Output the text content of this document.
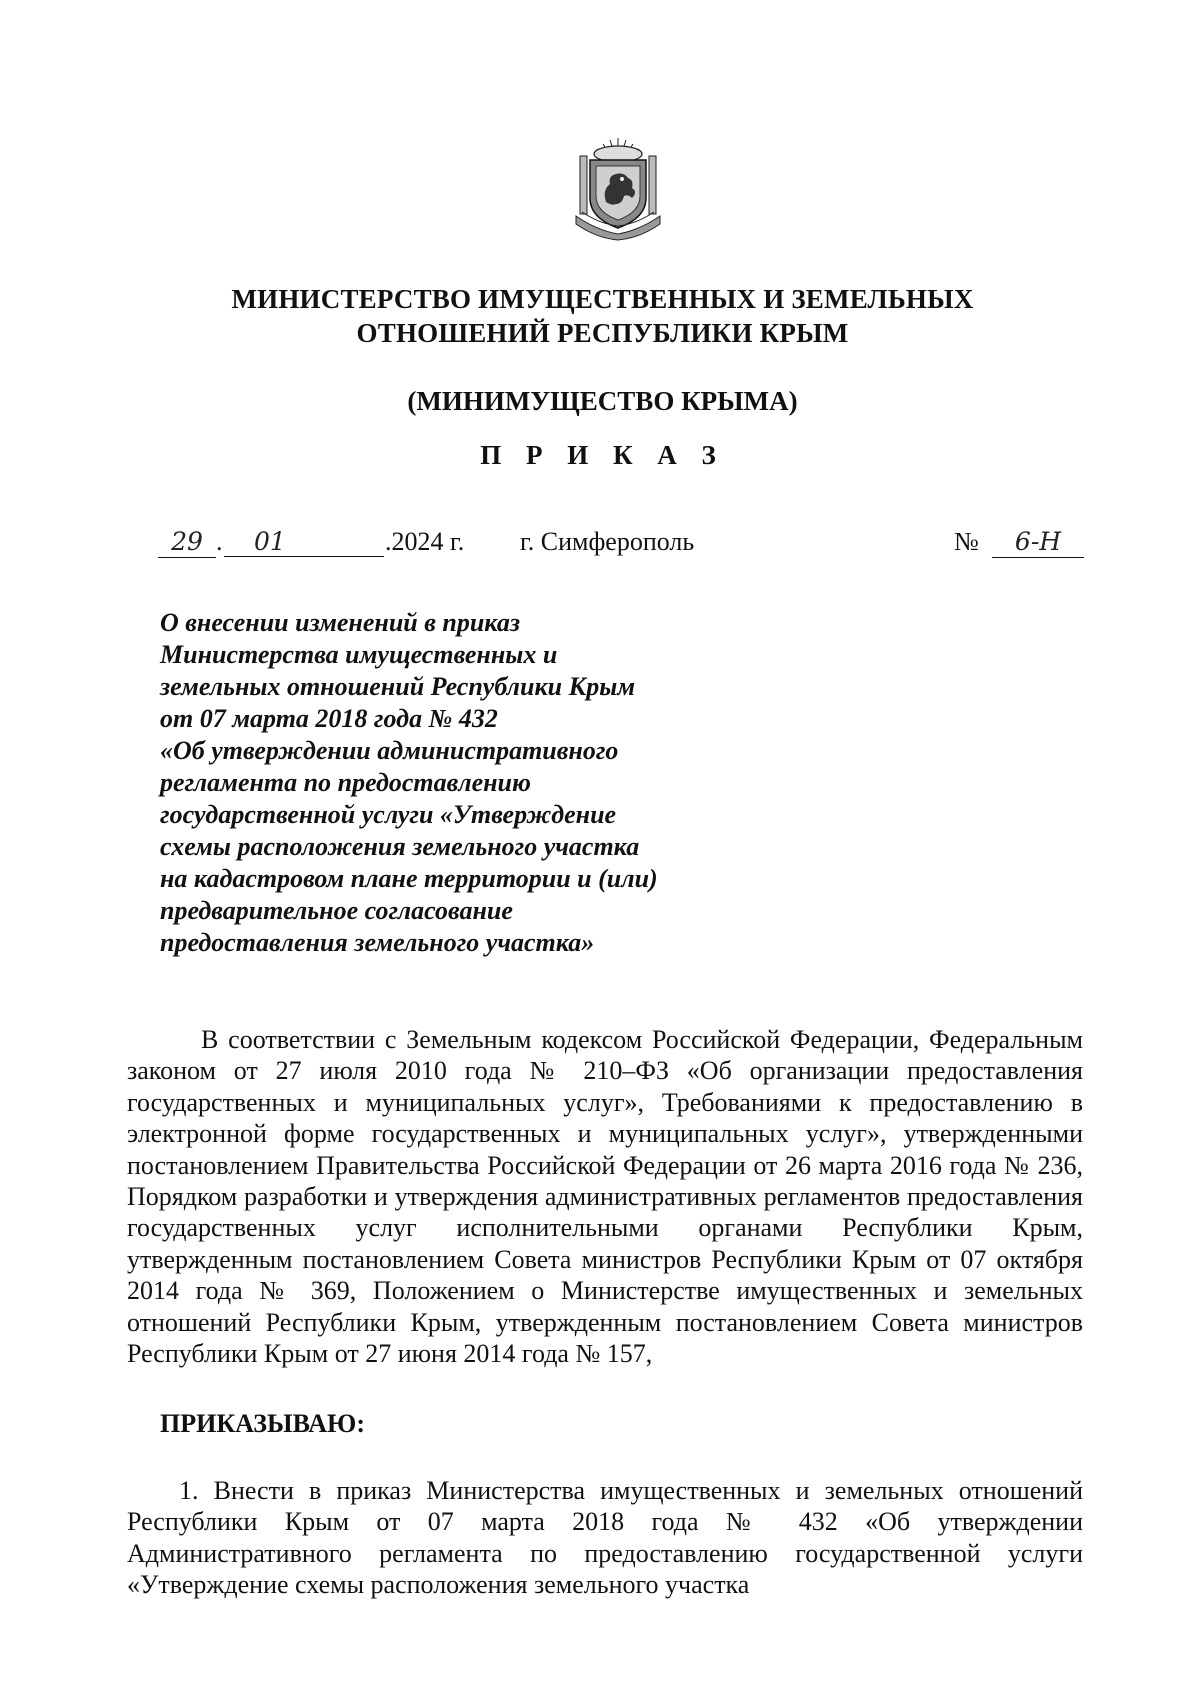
МИНИСТЕРСТВО ИМУЩЕСТВЕННЫХ И ЗЕМЕЛЬНЫХ
ОТНОШЕНИЙ РЕСПУБЛИКИ КРЫМ
(МИНИМУЩЕСТВО КРЫМА)
П Р И К А З
29 .	01	.2024 г. г. Симферополь	№	6-Н
О внесении изменений в приказ
Министерства имущественных и
земельных отношений Республики Крым
от 07 марта 2018 года № 432
«Об утверждении административного
регламента по предоставлению
государственной услуги «Утверждение
схемы расположения земельного участка
на кадастровом плане территории и (или)
предварительное согласование
предоставления земельного участка»
В соответствии с Земельным кодексом Российской Федерации, Федеральным законом от 27 июля 2010 года № 210–ФЗ «Об организации предоставления государственных и муниципальных услуг», Требованиями к предоставлению в электронной форме государственных и муниципальных услуг», утвержденными постановлением Правительства Российской Федерации от 26 марта 2016 года № 236, Порядком разработки и утверждения административных регламентов предоставления государственных услуг исполнительными органами Республики Крым, утвержденным постановлением Совета министров Республики Крым от 07 октября 2014 года № 369, Положением о Министерстве имущественных и земельных отношений Республики Крым, утвержденным постановлением Совета министров Республики Крым от 27 июня 2014 года № 157,
ПРИКАЗЫВАЮ:
1. Внести в приказ Министерства имущественных и земельных отношений Республики Крым от 07 марта 2018 года № 432 «Об утверждении Административного регламента по предоставлению государственной услуги «Утверждение схемы расположения земельного участка
